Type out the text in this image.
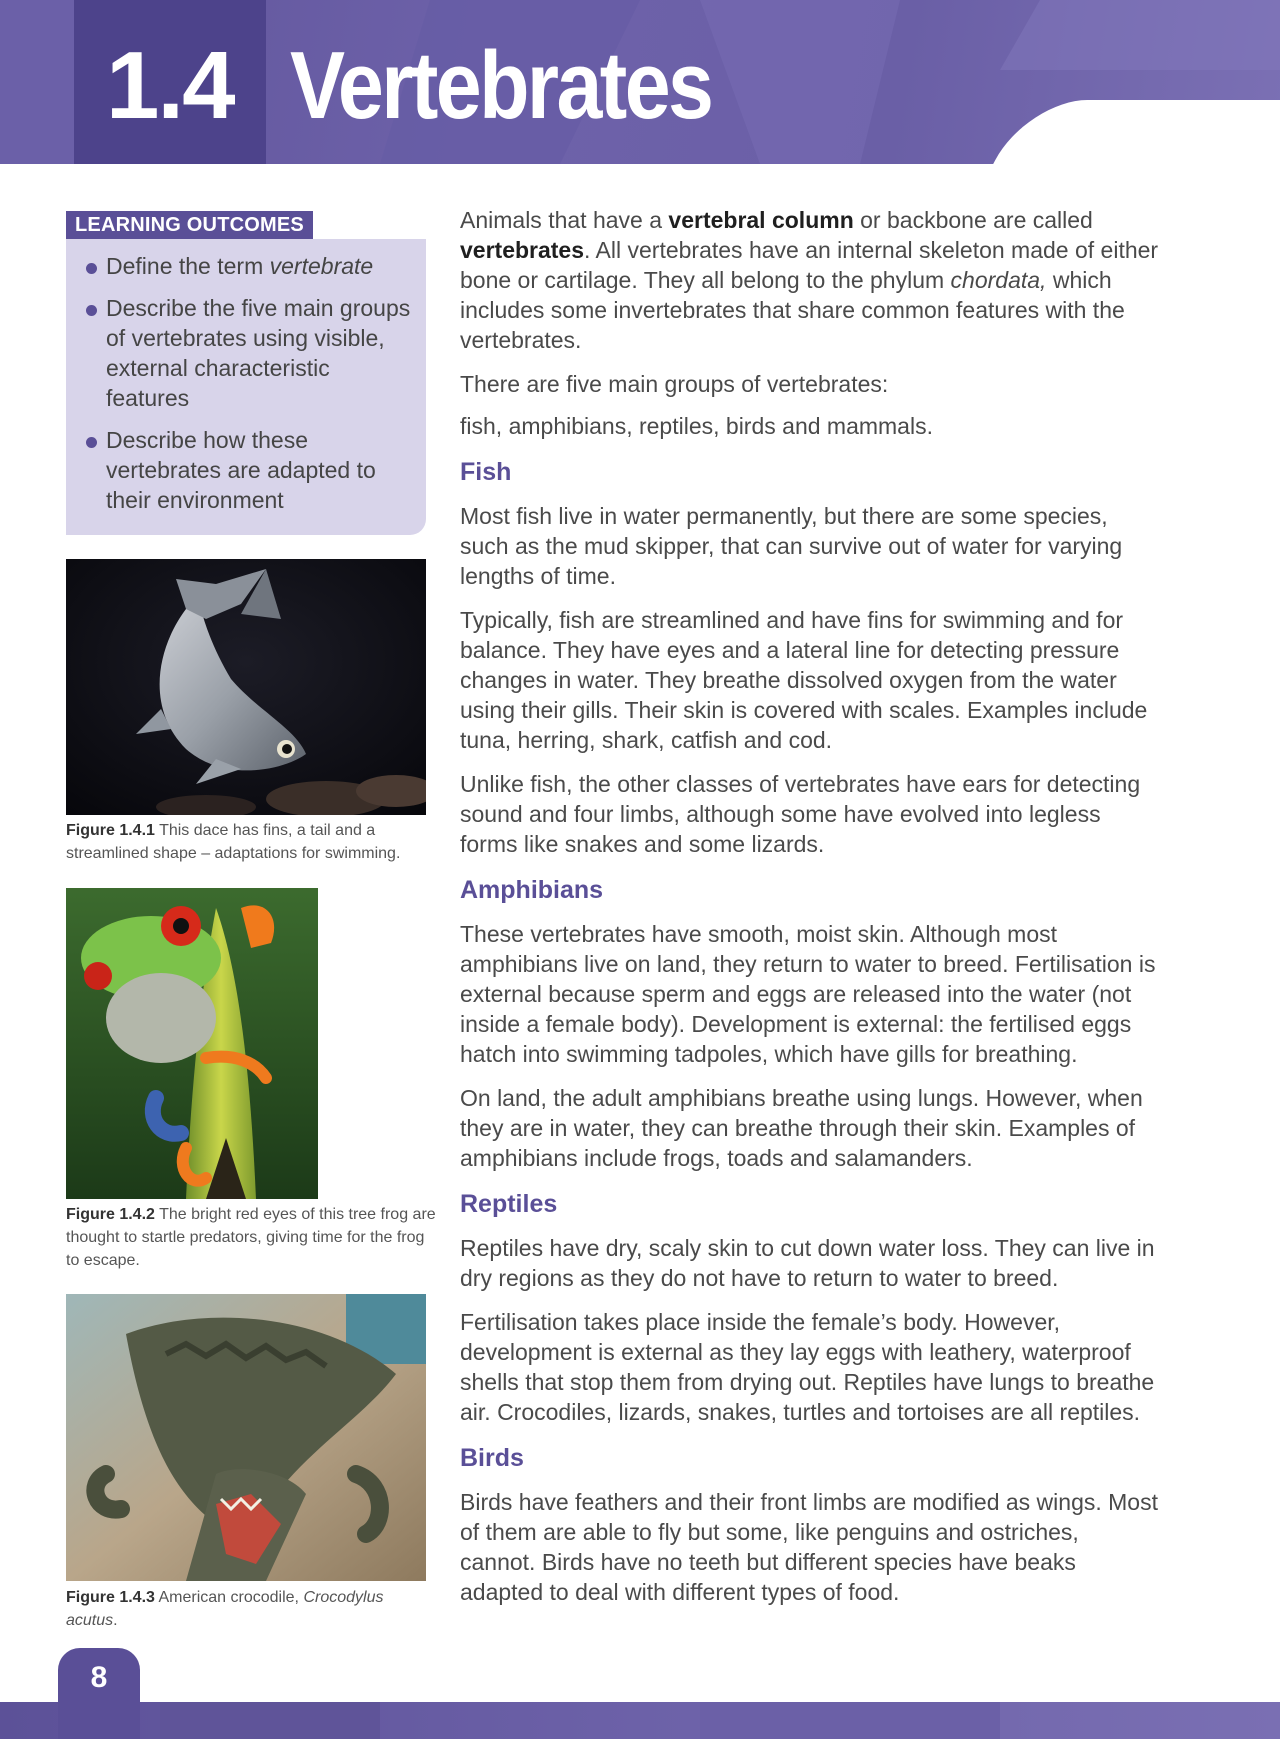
1.4 Vertebrates
LEARNING OUTCOMES
Define the term vertebrate
Describe the five main groups of vertebrates using visible, external characteristic features
Describe how these vertebrates are adapted to their environment
Figure 1.4.1 This dace has fins, a tail and a streamlined shape – adaptations for swimming.
Figure 1.4.2 The bright red eyes of this tree frog are thought to startle predators, giving time for the frog to escape.
Figure 1.4.3 American crocodile, Crocodylus acutus.

Animals that have a vertebral column or backbone are called vertebrates. All vertebrates have an internal skeleton made of either bone or cartilage. They all belong to the phylum chordata, which includes some invertebrates that share common features with the vertebrates.

There are five main groups of vertebrates:

fish, amphibians, reptiles, birds and mammals.

Fish

Most fish live in water permanently, but there are some species, such as the mud skipper, that can survive out of water for varying lengths of time.

Typically, fish are streamlined and have fins for swimming and for balance. They have eyes and a lateral line for detecting pressure changes in water. They breathe dissolved oxygen from the water using their gills. Their skin is covered with scales. Examples include tuna, herring, shark, catfish and cod.

Unlike fish, the other classes of vertebrates have ears for detecting sound and four limbs, although some have evolved into legless forms like snakes and some lizards.

Amphibians

These vertebrates have smooth, moist skin. Although most amphibians live on land, they return to water to breed. Fertilisation is external because sperm and eggs are released into the water (not inside a female body). Development is external: the fertilised eggs hatch into swimming tadpoles, which have gills for breathing.

On land, the adult amphibians breathe using lungs. However, when they are in water, they can breathe through their skin. Examples of amphibians include frogs, toads and salamanders.

Reptiles

Reptiles have dry, scaly skin to cut down water loss. They can live in dry regions as they do not have to return to water to breed.

Fertilisation takes place inside the female’s body. However, development is external as they lay eggs with leathery, waterproof shells that stop them from drying out. Reptiles have lungs to breathe air. Crocodiles, lizards, snakes, turtles and tortoises are all reptiles.

Birds

Birds have feathers and their front limbs are modified as wings. Most of them are able to fly but some, like penguins and ostriches, cannot. Birds have no teeth but different species have beaks adapted to deal with different types of food.

8
